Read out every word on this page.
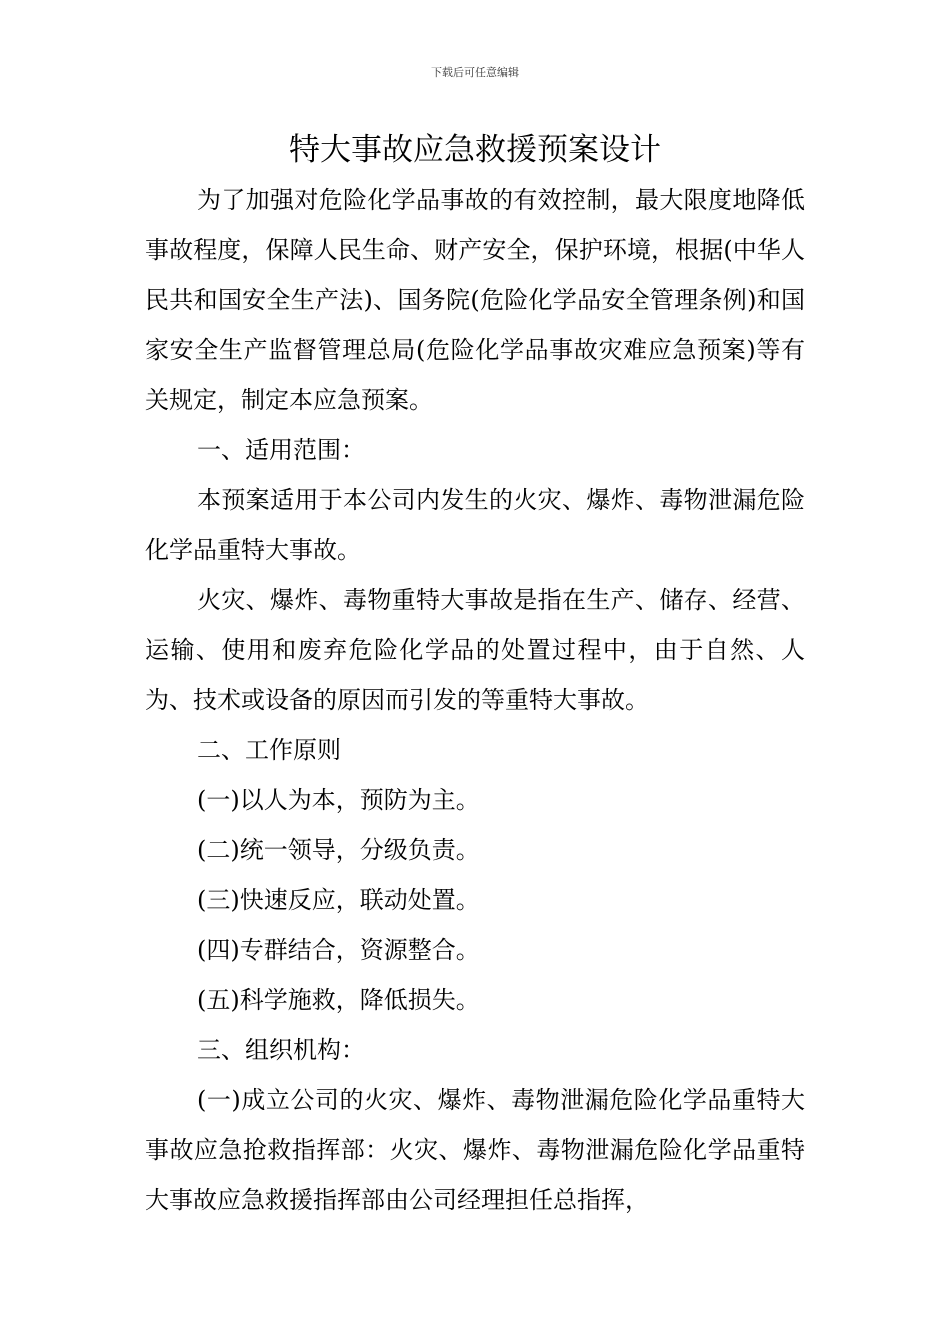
下载后可任意编辑
特大事故应急救援预案设计

为了加强对危险化学品事故的有效控制，最大限度地降低事故程度，保障人民生命、财产安全，保护环境，根据(中华人民共和国安全生产法)、国务院(危险化学品安全管理条例)和国家安全生产监督管理总局(危险化学品事故灾难应急预案)等有关规定，制定本应急预案。

一、适用范围：

本预案适用于本公司内发生的火灾、爆炸、毒物泄漏危险化学品重特大事故。

火灾、爆炸、毒物重特大事故是指在生产、储存、经营、运输、使用和废弃危险化学品的处置过程中，由于自然、人为、技术或设备的原因而引发的等重特大事故。

二、工作原则

(一)以人为本，预防为主。

(二)统一领导，分级负责。

(三)快速反应，联动处置。

(四)专群结合，资源整合。

(五)科学施救，降低损失。

三、组织机构：

(一)成立公司的火灾、爆炸、毒物泄漏危险化学品重特大事故应急抢救指挥部：火灾、爆炸、毒物泄漏危险化学品重特大事故应急救援指挥部由公司经理担任总指挥，
